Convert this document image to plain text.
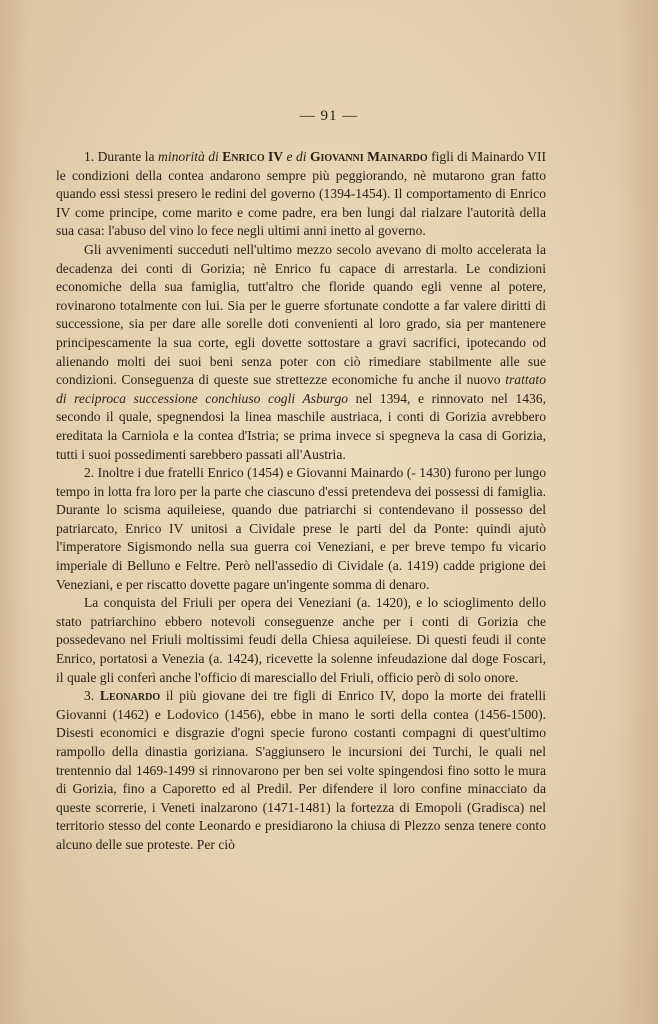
— 91 —

1. Durante la minorità di Enrico IV e di Giovanni Mainardo figli di Mainardo VII le condizioni della contea andarono sempre più peggiorando, nè mutarono gran fatto quando essi stessi presero le redini del governo (1394-1454). Il comportamento di Enrico IV come principe, come marito e come padre, era ben lungi dal rialzare l'autorità della sua casa: l'abuso del vino lo fece negli ultimi anni inetto al governo.

Gli avvenimenti succeduti nell'ultimo mezzo secolo avevano di molto accelerata la decadenza dei conti di Gorizia; nè Enrico fu capace di arrestarla. Le condizioni economiche della sua famiglia, tutt'altro che floride quando egli venne al potere, rovinarono totalmente con lui. Sia per le guerre sfortunate condotte a far valere diritti di successione, sia per dare alle sorelle doti convenienti al loro grado, sia per mantenere principescamente la sua corte, egli dovette sottostare a gravi sacrifici, ipotecando od alienando molti dei suoi beni senza poter con ciò rimediare stabilmente alle sue condizioni. Conseguenza di queste sue strettezze economiche fu anche il nuovo trattato di reciproca successione conchiuso cogli Asburgo nel 1394, e rinnovato nel 1436, secondo il quale, spegnendosi la linea maschile austriaca, i conti di Gorizia avrebbero ereditata la Carniola e la contea d'Istria; se prima invece si spegneva la casa di Gorizia, tutti i suoi possedimenti sarebbero passati all'Austria.

2. Inoltre i due fratelli Enrico (1454) e Giovanni Mainardo (- 1430) furono per lungo tempo in lotta fra loro per la parte che ciascuno d'essi pretendeva dei possessi di famiglia. Durante lo scisma aquileiese, quando due patriarchi si contendevano il possesso del patriarcato, Enrico IV unitosi a Cividale prese le parti del da Ponte: quindi ajutò l'imperatore Sigismondo nella sua guerra coi Veneziani, e per breve tempo fu vicario imperiale di Belluno e Feltre. Però nell'assedio di Cividale (a. 1419) cadde prigione dei Veneziani, e per riscatto dovette pagare un'ingente somma di denaro.

La conquista del Friuli per opera dei Veneziani (a. 1420), e lo scioglimento dello stato patriarchino ebbero notevoli conseguenze anche per i conti di Gorizia che possedevano nel Friuli moltissimi feudi della Chiesa aquileiese. Di questi feudi il conte Enrico, portatosi a Venezia (a. 1424), ricevette la solenne infeudazione dal doge Foscari, il quale gli conferì anche l'officio di maresciallo del Friuli, officio però di solo onore.

3. Leonardo il più giovane dei tre figli di Enrico IV, dopo la morte dei fratelli Giovanni (1462) e Lodovico (1456), ebbe in mano le sorti della contea (1456-1500). Disesti economici e disgrazie d'ogni specie furono costanti compagni di quest'ultimo rampollo della dinastia goriziana. S'aggiunsero le incursioni dei Turchi, le quali nel trentennio dal 1469-1499 si rinnovarono per ben sei volte spingendosi fino sotto le mura di Gorizia, fino a Caporetto ed al Predil. Per difendere il loro confine minacciato da queste scorrerie, i Veneti inalzarono (1471-1481) la fortezza di Emopoli (Gradisca) nel territorio stesso del conte Leonardo e presidiarono la chiusa di Plezzo senza tenere conto alcuno delle sue proteste. Per ciò
